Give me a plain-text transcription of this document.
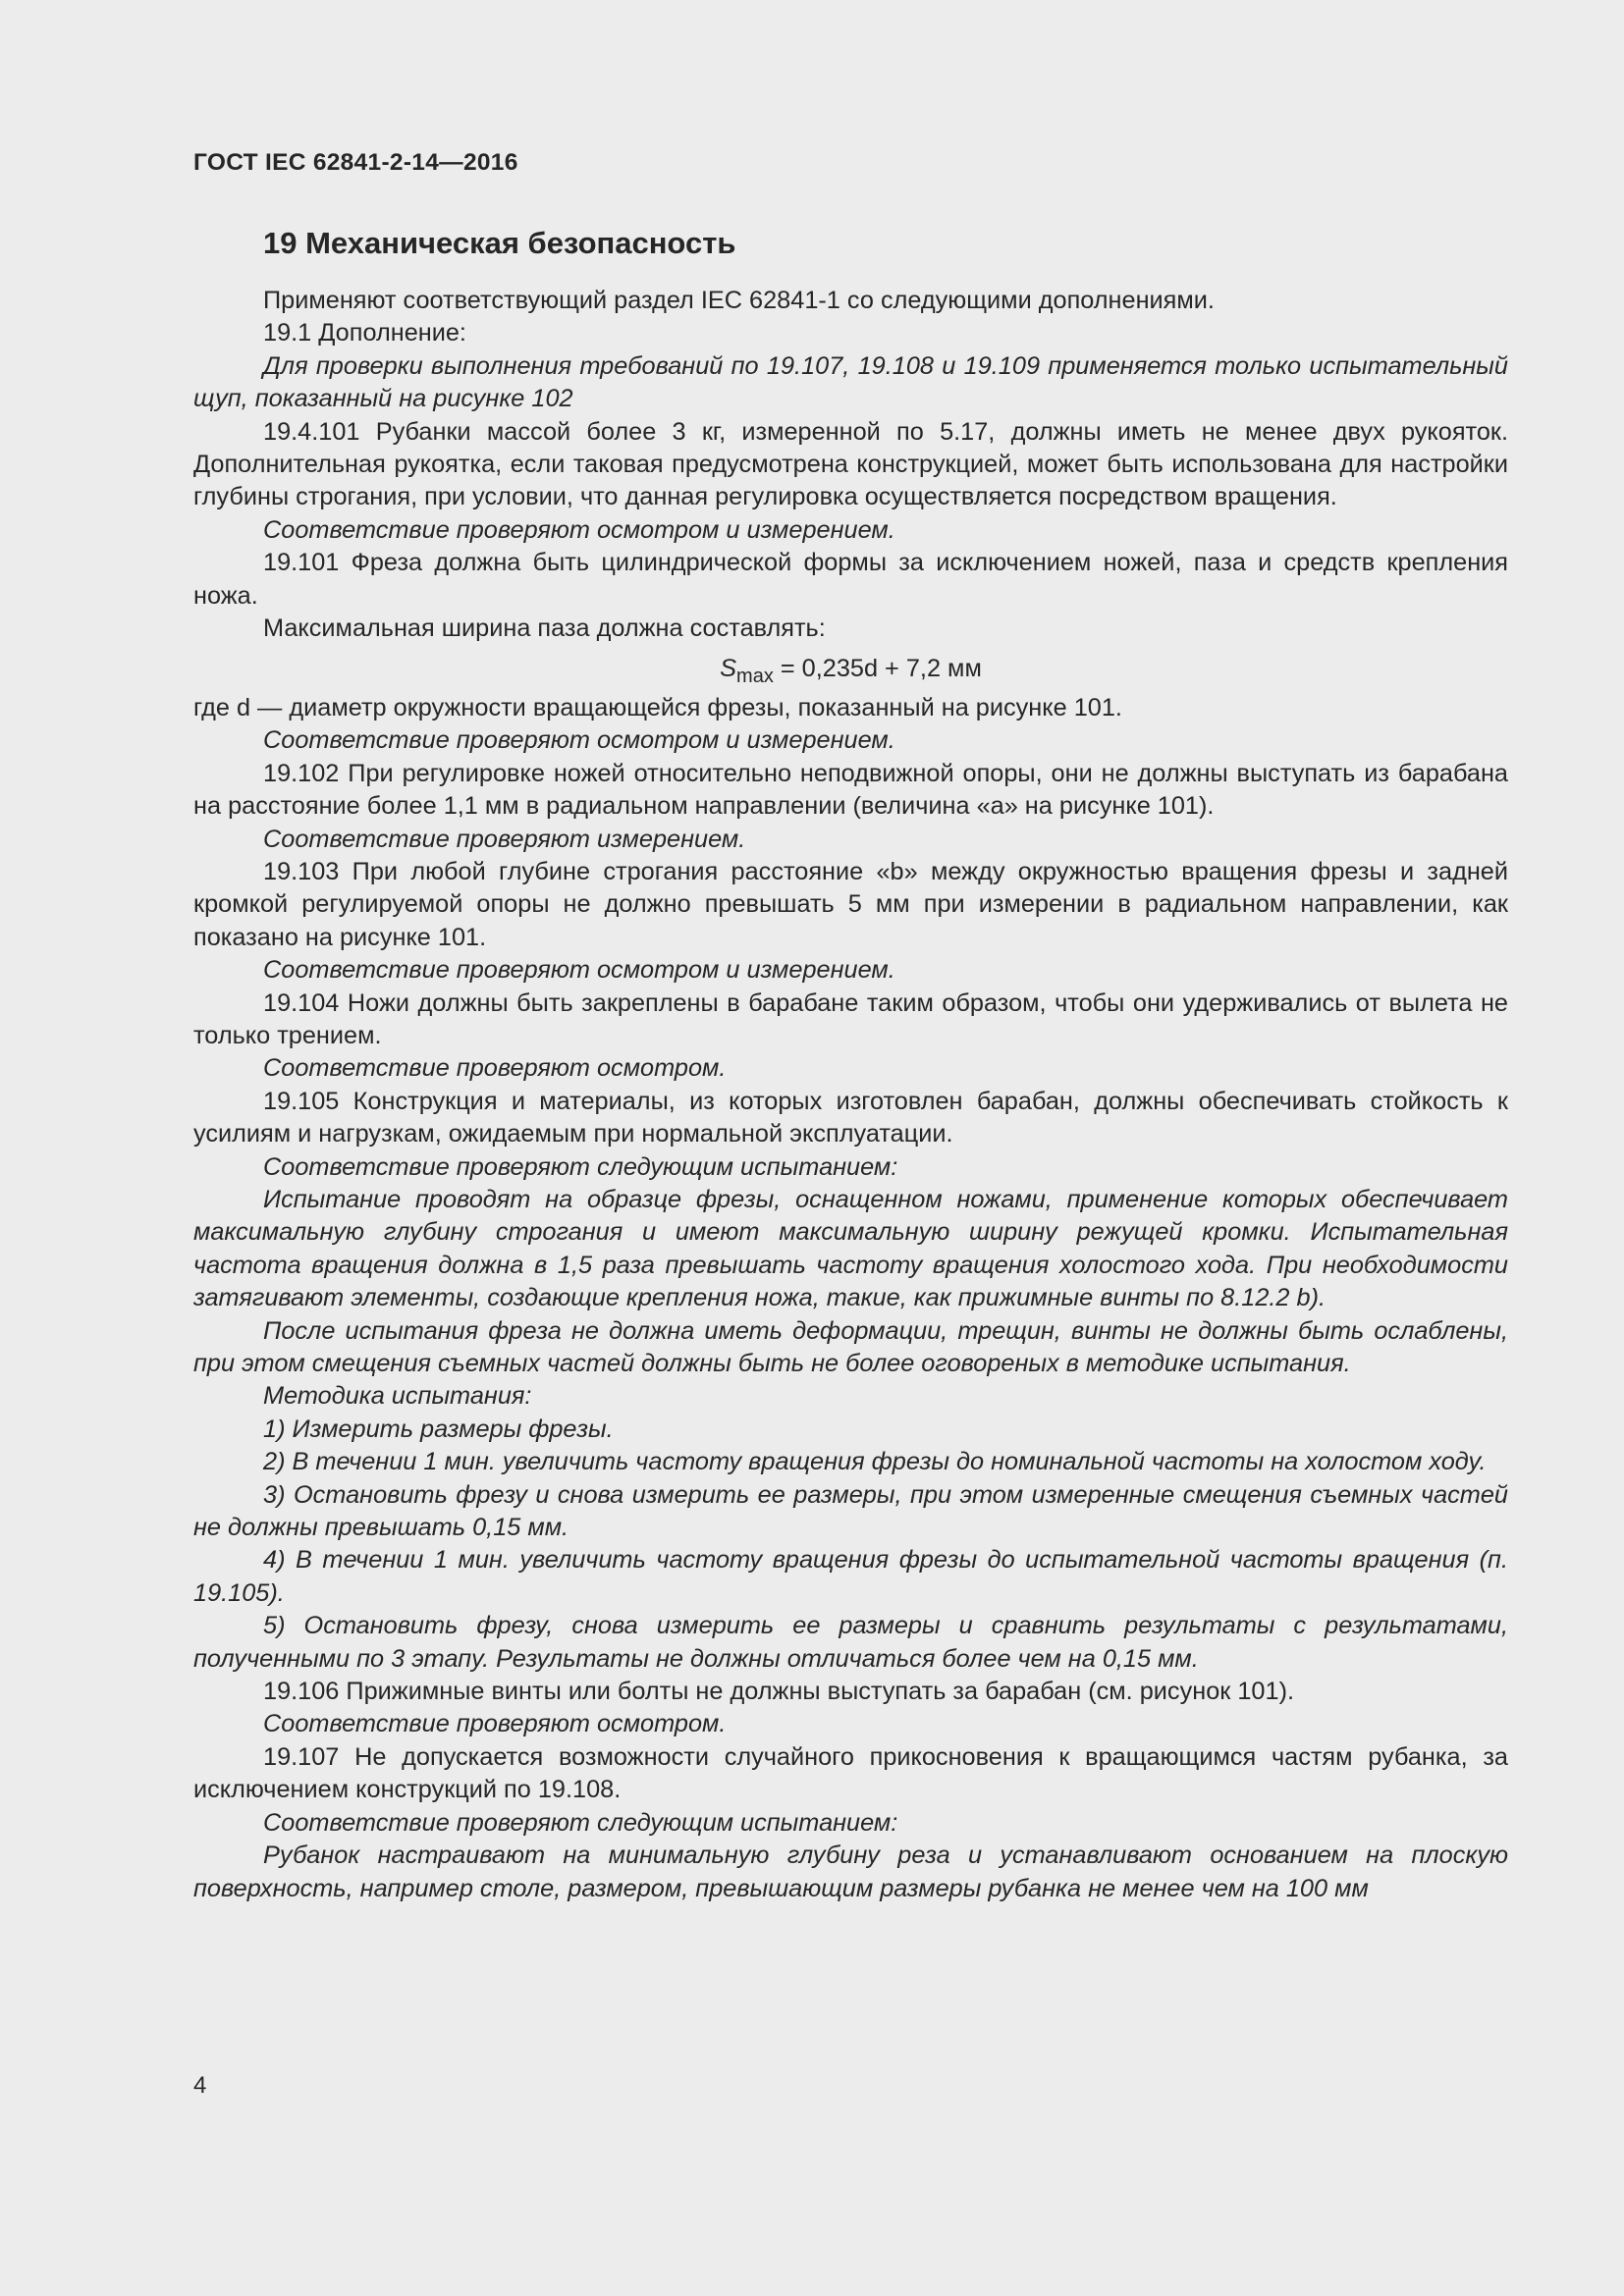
ГОСТ IEC 62841-2-14—2016
19 Механическая безопасность

Применяют соответствующий раздел IEC 62841-1 со следующими дополнениями.

19.1 Дополнение:

Для проверки выполнения требований по 19.107, 19.108 и 19.109 применяется только испытательный щуп, показанный на рисунке 102

19.4.101 Рубанки массой более 3 кг, измеренной по 5.17, должны иметь не менее двух рукояток. Дополнительная рукоятка, если таковая предусмотрена конструкцией, может быть использована для настройки глубины строгания, при условии, что данная регулировка осуществляется посредством вращения.

Соответствие проверяют осмотром и измерением.

19.101 Фреза должна быть цилиндрической формы за исключением ножей, паза и средств крепления ножа.

Максимальная ширина паза должна составлять:

$S_{max} = 0,235d + 7,2$ мм

где d — диаметр окружности вращающейся фрезы, показанный на рисунке 101.

Соответствие проверяют осмотром и измерением.

19.102 При регулировке ножей относительно неподвижной опоры, они не должны выступать из барабана на расстояние более 1,1 мм в радиальном направлении (величина «a» на рисунке 101).

Соответствие проверяют измерением.

19.103 При любой глубине строгания расстояние «b» между окружностью вращения фрезы и задней кромкой регулируемой опоры не должно превышать 5 мм при измерении в радиальном направлении, как показано на рисунке 101.

Соответствие проверяют осмотром и измерением.

19.104 Ножи должны быть закреплены в барабане таким образом, чтобы они удерживались от вылета не только трением.

Соответствие проверяют осмотром.

19.105 Конструкция и материалы, из которых изготовлен барабан, должны обеспечивать стойкость к усилиям и нагрузкам, ожидаемым при нормальной эксплуатации.

Соответствие проверяют следующим испытанием:

Испытание проводят на образце фрезы, оснащенном ножами, применение которых обеспечивает максимальную глубину строгания и имеют максимальную ширину режущей кромки. Испытательная частота вращения должна в 1,5 раза превышать частоту вращения холостого хода. При необходимости затягивают элементы, создающие крепления ножа, такие, как прижимные винты по 8.12.2 b).

После испытания фреза не должна иметь деформации, трещин, винты не должны быть ослаблены, при этом смещения съемных частей должны быть не более оговореных в методике испытания.

Методика испытания:

1) Измерить размеры фрезы.

2) В течении 1 мин. увеличить частоту вращения фрезы до номинальной частоты на холостом ходу.

3) Остановить фрезу и снова измерить ее размеры, при этом измеренные смещения съемных частей не должны превышать 0,15 мм.

4) В течении 1 мин. увеличить частоту вращения фрезы до испытательной частоты вращения (п. 19.105).

5) Остановить фрезу, снова измерить ее размеры и сравнить результаты с результатами, полученными по 3 этапу. Результаты не должны отличаться более чем на 0,15 мм.

19.106 Прижимные винты или болты не должны выступать за барабан (см. рисунок 101).

Соответствие проверяют осмотром.

19.107 Не допускается возможности случайного прикосновения к вращающимся частям рубанка, за исключением конструкций по 19.108.

Соответствие проверяют следующим испытанием:

Рубанок настраивают на минимальную глубину реза и устанавливают основанием на плоскую поверхность, например столе, размером, превышающим размеры рубанка не менее чем на 100 мм

4
